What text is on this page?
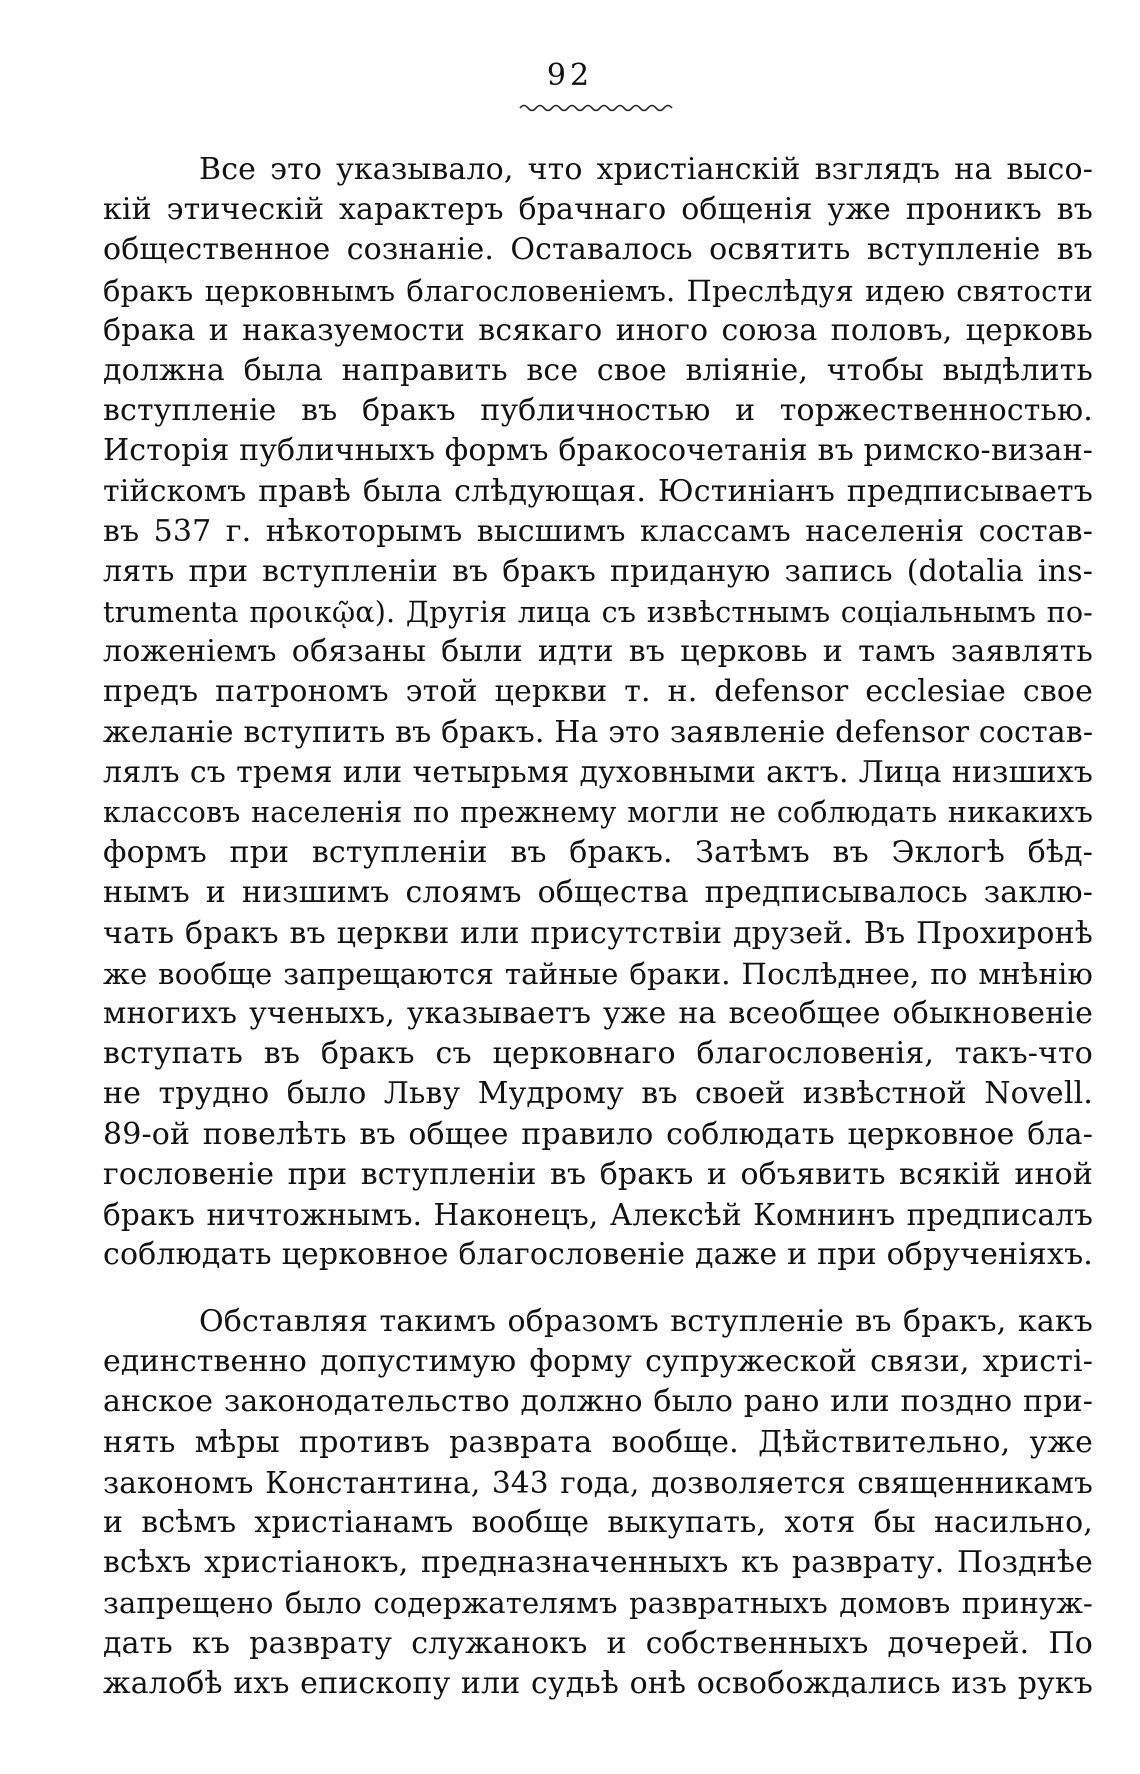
92
Все это указывало, что христіанскій взглядъ на высо-
кій этическій характеръ брачнаго общенія уже проникъ въ
общественное сознаніе. Оставалось освятить вступленіе въ
бракъ церковнымъ благословеніемъ. Преслѣдуя идею святости
брака и наказуемости всякаго иного союза половъ, церковь
должна была направить все свое вліяніе, чтобы выдѣлить
вступленіе въ бракъ публичностью и торжественностью.
Исторія публичныхъ формъ бракосочетанія въ римско-визан-
тійскомъ правѣ была слѣдующая. Юстиніанъ предписываетъ
въ 537 г. нѣкоторымъ высшимъ классамъ населенія состав-
лять при вступленіи въ бракъ приданую запись (dotalia ins-
trumenta προικῷα). Другія лица съ извѣстнымъ соціальнымъ по-
ложеніемъ обязаны были идти въ церковь и тамъ заявлять
предъ патрономъ этой церкви т. н. defensor ecclesiae свое
желаніе вступить въ бракъ. На это заявленіе defensor состав-
лялъ съ тремя или четырьмя духовными актъ. Лица низшихъ
классовъ населенія по прежнему могли не соблюдать никакихъ
формъ при вступленіи въ бракъ. Затѣмъ въ Эклогѣ бѣд-
нымъ и низшимъ слоямъ общества предписывалось заклю-
чать бракъ въ церкви или присутствіи друзей. Въ Прохиронѣ
же вообще запрещаются тайные браки. Послѣднее, по мнѣнію
многихъ ученыхъ, указываетъ уже на всеобщее обыкновеніе
вступать въ бракъ съ церковнаго благословенія, такъ-что
не трудно было Льву Мудрому въ своей извѣстной Novell.
89-ой повелѣть въ общее правило соблюдать церковное бла-
гословеніе при вступленіи въ бракъ и объявить всякій иной
бракъ ничтожнымъ. Наконецъ, Алексѣй Комнинъ предписалъ
соблюдать церковное благословеніе даже и при обрученіяхъ.
Обставляя такимъ образомъ вступленіе въ бракъ, какъ
единственно допустимую форму супружеской связи, христі-
анское законодательство должно было рано или поздно при-
нять мѣры противъ разврата вообще. Дѣйствительно, уже
закономъ Константина, 343 года, дозволяется священникамъ
и всѣмъ христіанамъ вообще выкупать, хотя бы насильно,
всѣхъ христіанокъ, предназначенныхъ къ разврату. Позднѣе
запрещено было содержателямъ развратныхъ домовъ принуж-
дать къ разврату служанокъ и собственныхъ дочерей. По
жалобѣ ихъ епископу или судьѣ онѣ освобождались изъ рукъ
